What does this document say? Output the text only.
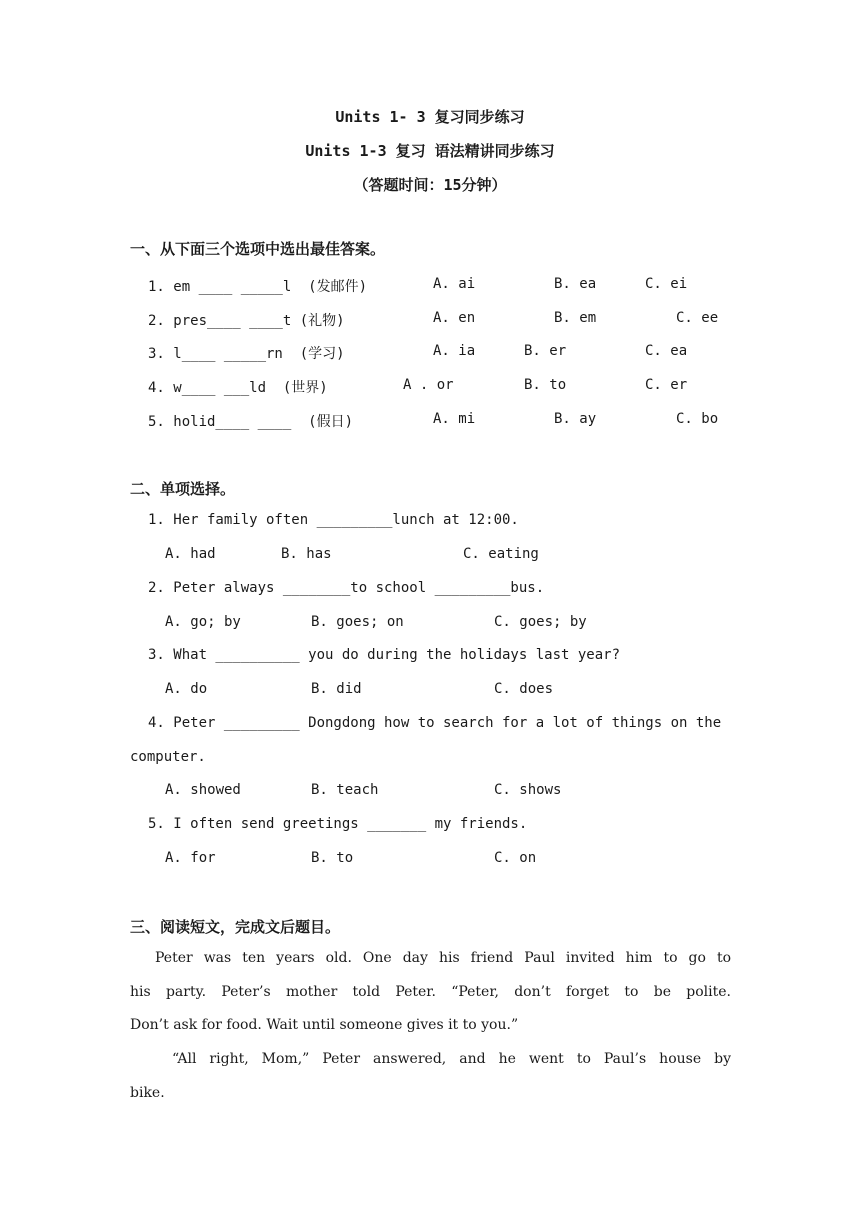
Units 1- 3 复习同步练习
Units 1-3 复习 语法精讲同步练习
（答题时间：15分钟）
一、从下面三个选项中选出最佳答案。
1. em ____ _____l  (发邮件)	A. ai	B. ea	C. ei
2. pres____ ____t (礼物)	A. en	B. em	C. ee
3. l____ _____rn  (学习)	A. ia	B. er	C. ea
4. w____ ___ld  (世界)	A . or	B. to	C. er
5. holid____ ____  (假日)	A. mi	B. ay	C. bo
二、单项选择。
1. Her family often _________lunch at 12:00.
A. had	B. has	C. eating
2. Peter always ________to school _________bus.
A. go; by	B. goes; on	C. goes; by
3. What __________ you do during the holidays last year?
A. do	B. did	C. does
4. Peter _________ Dongdong how to search for a lot of things on the
computer.
A. showed	B. teach	C. shows
5. I often send greetings _______ my friends.
A. for	B. to	C. on
三、阅读短文，完成文后题目。
Peter was ten years old. One day his friend Paul invited him to go to
his party. Peter’s mother told Peter. “Peter, don’t forget to be polite.
Don’t ask for food. Wait until someone gives it to you.”
“All right, Mom,” Peter answered, and he went to Paul’s house by
bike.
